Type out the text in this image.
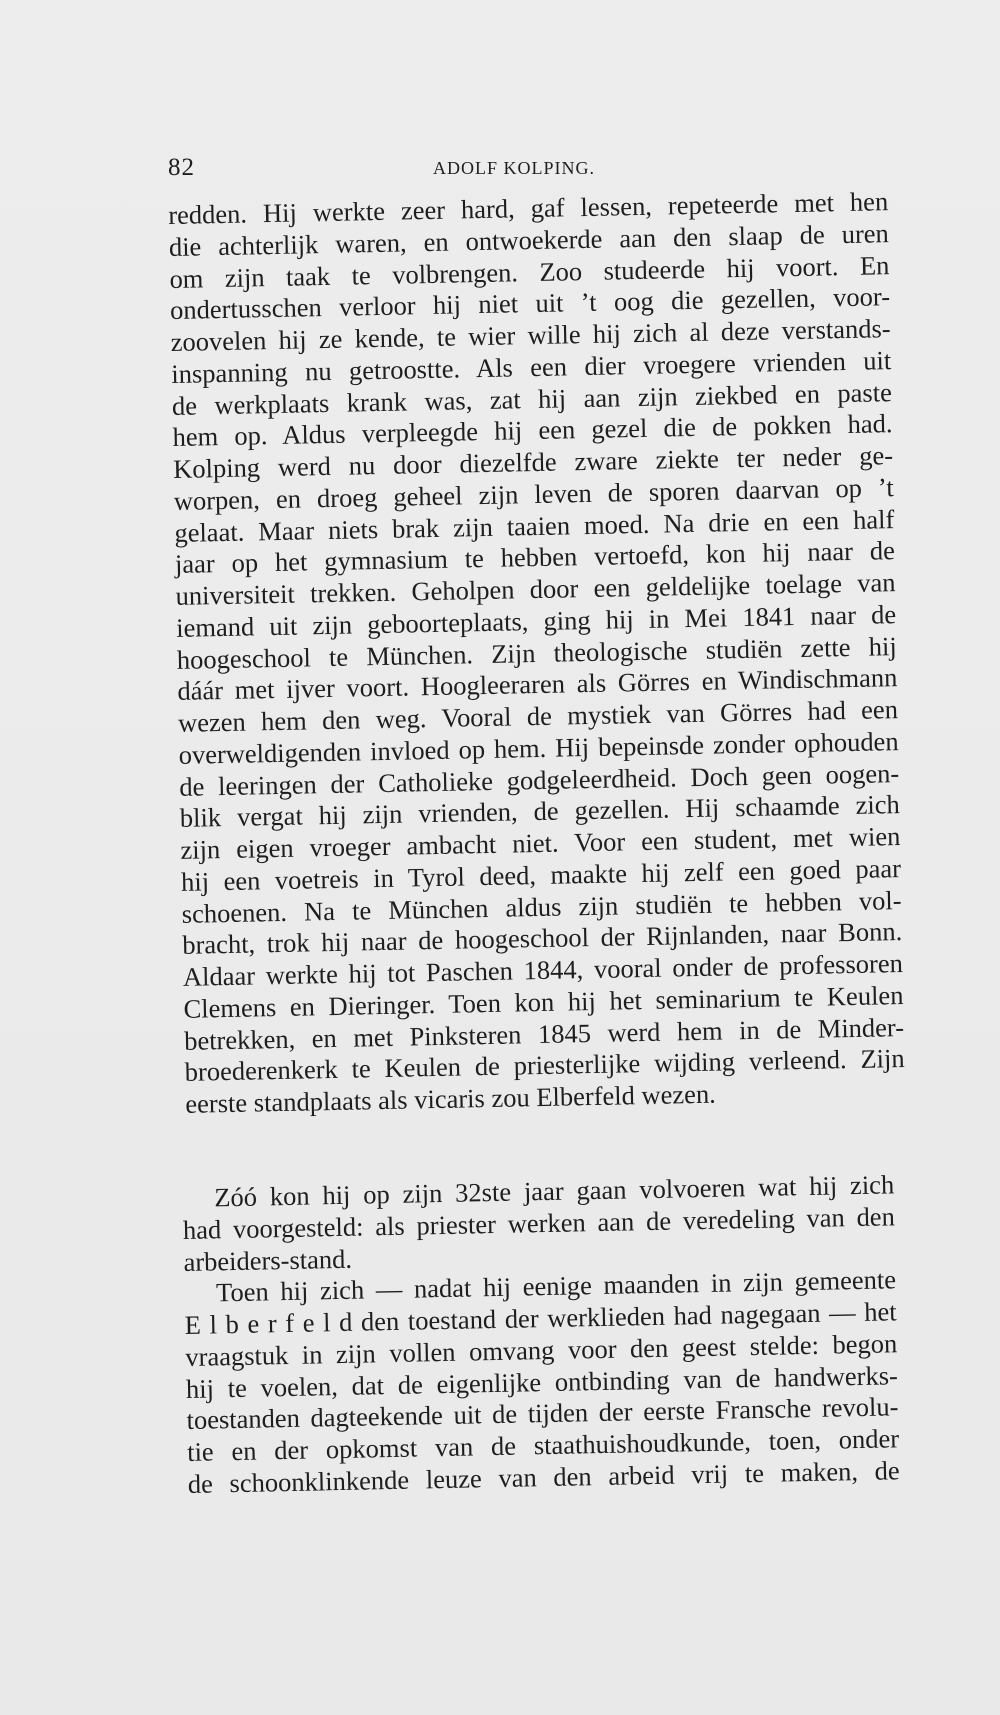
82	ADOLF KOLPING.
redden. Hij werkte zeer hard, gaf lessen, repeteerde met hen
die achterlijk waren, en ontwoekerde aan den slaap de uren
om zijn taak te volbrengen. Zoo studeerde hij voort. En
ondertusschen verloor hij niet uit ’t oog die gezellen, voor-
zoovelen hij ze kende, te wier wille hij zich al deze verstands-
inspanning nu getroostte. Als een dier vroegere vrienden uit
de werkplaats krank was, zat hij aan zijn ziekbed en paste
hem op. Aldus verpleegde hij een gezel die de pokken had.
Kolping werd nu door diezelfde zware ziekte ter neder ge-
worpen, en droeg geheel zijn leven de sporen daarvan op ’t
gelaat. Maar niets brak zijn taaien moed. Na drie en een half
jaar op het gymnasium te hebben vertoefd, kon hij naar de
universiteit trekken. Geholpen door een geldelijke toelage van
iemand uit zijn geboorteplaats, ging hij in Mei 1841 naar de
hoogeschool te München. Zijn theologische studiën zette hij
dáár met ijver voort. Hoogleeraren als Görres en Windischmann
wezen hem den weg. Vooral de mystiek van Görres had een
overweldigenden invloed op hem. Hij bepeinsde zonder ophouden
de leeringen der Catholieke godgeleerdheid. Doch geen oogen-
blik vergat hij zijn vrienden, de gezellen. Hij schaamde zich
zijn eigen vroeger ambacht niet. Voor een student, met wien
hij een voetreis in Tyrol deed, maakte hij zelf een goed paar
schoenen. Na te München aldus zijn studiën te hebben vol-
bracht, trok hij naar de hoogeschool der Rijnlanden, naar Bonn.
Aldaar werkte hij tot Paschen 1844, vooral onder de professoren
Clemens en Dieringer. Toen kon hij het seminarium te Keulen
betrekken, en met Pinksteren 1845 werd hem in de Minder-
broederenkerk te Keulen de priesterlijke wijding verleend. Zijn
eerste standplaats als vicaris zou Elberfeld wezen.
Zóó kon hij op zijn 32ste jaar gaan volvoeren wat hij zich
had voorgesteld: als priester werken aan de veredeling van den
arbeiders-stand.
Toen hij zich — nadat hij eenige maanden in zijn gemeente
E l b e r f e l d den toestand der werklieden had nagegaan — het
vraagstuk in zijn vollen omvang voor den geest stelde: begon
hij te voelen, dat de eigenlijke ontbinding van de handwerks-
toestanden dagteekende uit de tijden der eerste Fransche revolu-
tie en der opkomst van de staathuishoudkunde, toen, onder
de schoonklinkende leuze van den arbeid vrij te maken, de
